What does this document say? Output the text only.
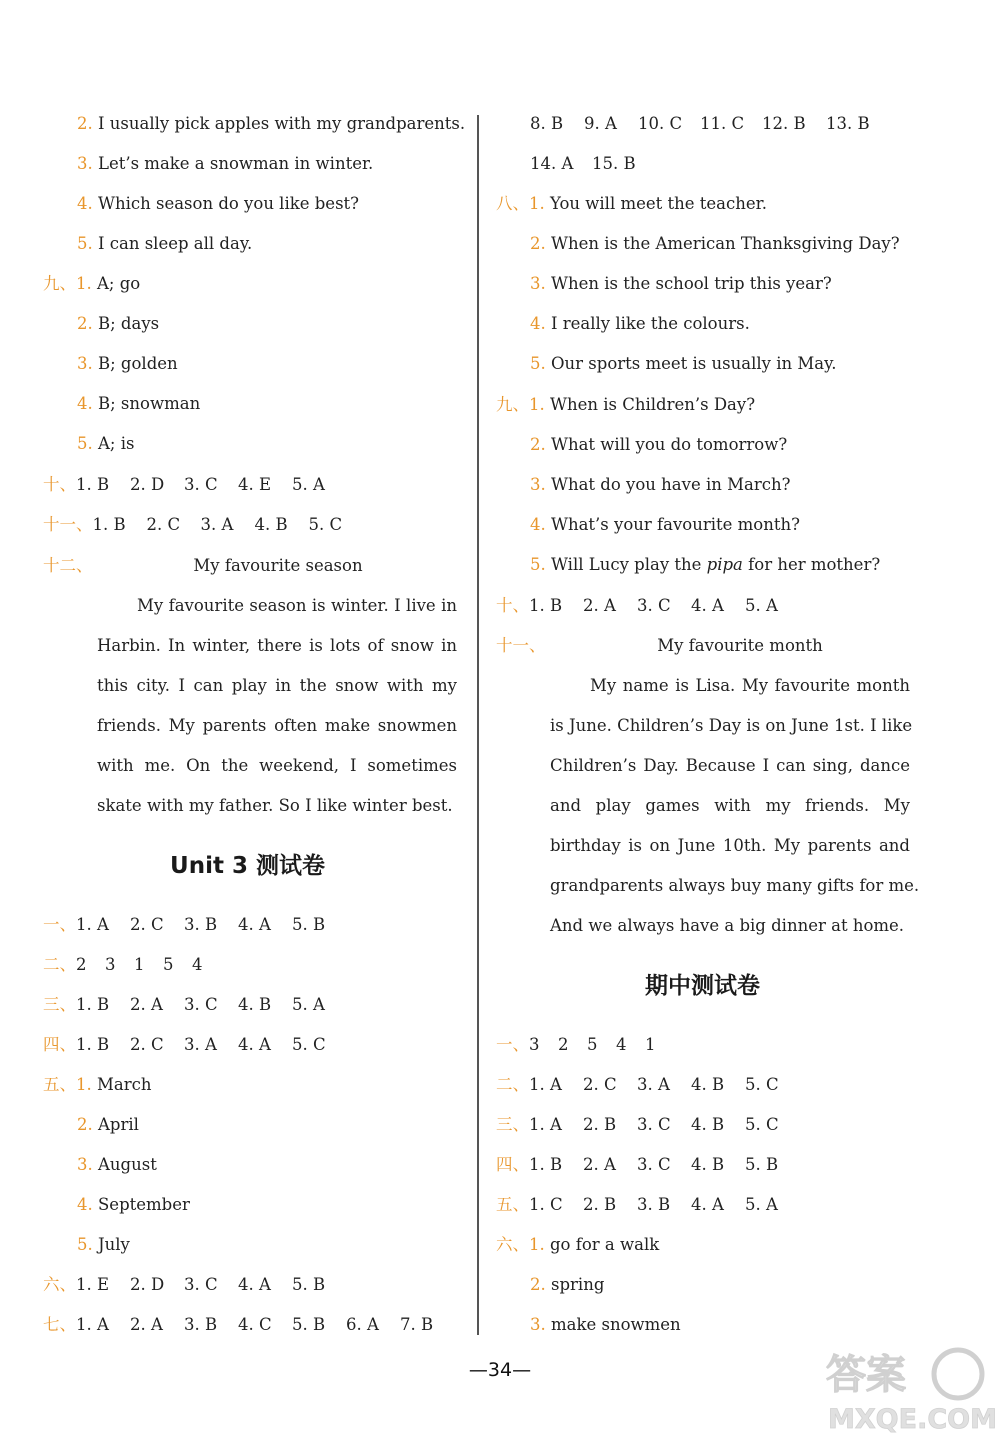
2. I usually pick apples with my grandparents.
3. Let’s make a snowman in winter.
4. Which season do you like best?
5. I can sleep all day.
九、1. A; go
2. B; days
3. B; golden
4. B; snowman
5. A; is
十、1. B 2. D 3. C 4. E 5. A
十一、1. B 2. C 3. A 4. B 5. C
十二、	My favourite season
My favourite season is winter. I live in
Harbin. In winter, there is lots of snow in
this city. I can play in the snow with my
friends. My parents often make snowmen
with me. On the weekend, I sometimes
skate with my father. So I like winter best.
Unit 3 测试卷
一、1. A 2. C 3. B 4. A 5. B
二、2 3 1 5 4
三、1. B 2. A 3. C 4. B 5. A
四、1. B 2. C 3. A 4. A 5. C
五、1. March
2. April
3. August
4. September
5. July
六、1. E 2. D 3. C 4. A 5. B
七、1. A 2. A 3. B 4. C 5. B 6. A 7. B
8. B 9. A 10. C 11. C 12. B 13. B
14. A 15. B
八、1. You will meet the teacher.
2. When is the American Thanksgiving Day?
3. When is the school trip this year?
4. I really like the colours.
5. Our sports meet is usually in May.
九、1. When is Children’s Day?
2. What will you do tomorrow?
3. What do you have in March?
4. What’s your favourite month?
5. Will Lucy play the pipa for her mother?
十、1. B 2. A 3. C 4. A 5. A
十一、	My favourite month
My name is Lisa. My favourite month
is June. Children’s Day is on June 1st. I like
Children’s Day. Because I can sing, dance
and play games with my friends. My
birthday is on June 10th. My parents and
grandparents always buy many gifts for me.
And we always have a big dinner at home.
期中测试卷
一、3 2 5 4 1
二、1. A 2. C 3. A 4. B 5. C
三、1. A 2. B 3. C 4. B 5. C
四、1. B 2. A 3. C 4. B 5. B
五、1. C 2. B 3. B 4. A 5. A
六、1. go for a walk
2. spring
3. make snowmen
—34—	答案
MXQE.COM
